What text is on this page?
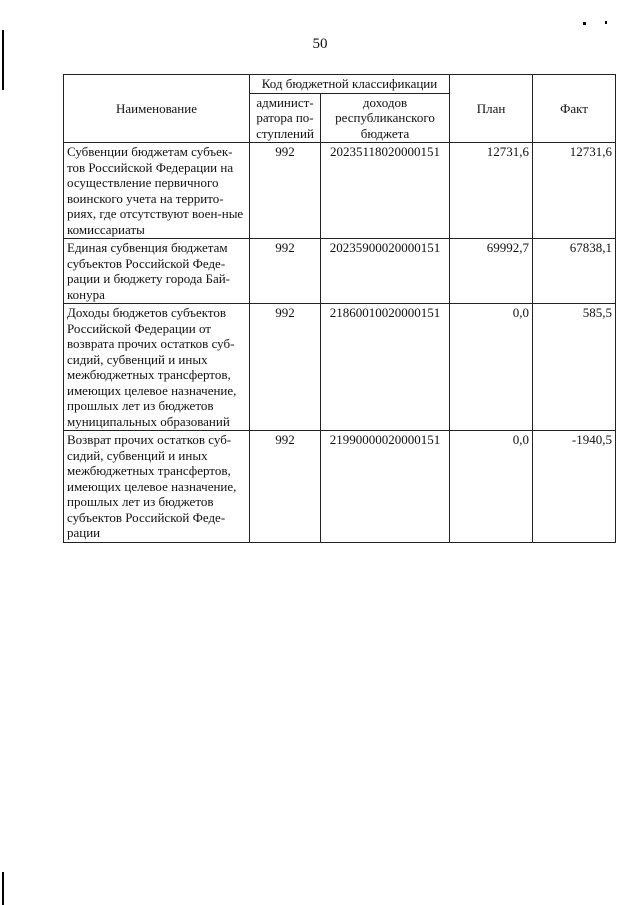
50
Наименование	Код бюджетной классификации		План	Факт
	админист-ратора по-ступлений	доходов республиканского бюджета		
Субвенции бюджетам субъек-тов Российской Федерации на осуществление первичного воинского учета на террито-риях, где отсутствуют воен-ные комиссариаты	992	20235118020000151	12731,6	12731,6
Единая субвенция бюджетам субъектов Российской Феде-рации и бюджету города Бай-конура	992	20235900020000151	69992,7	67838,1
Доходы бюджетов субъектов Российской Федерации от возврата прочих остатков суб-сидий, субвенций и иных межбюджетных трансфертов, имеющих целевое назначение, прошлых лет из бюджетов муниципальных образований	992	21860010020000151	0,0	585,5
Возврат прочих остатков суб-сидий, субвенций и иных межбюджетных трансфертов, имеющих целевое назначение, прошлых лет из бюджетов субъектов Российской Феде-рации	992	21990000020000151	0,0	-1940,5
